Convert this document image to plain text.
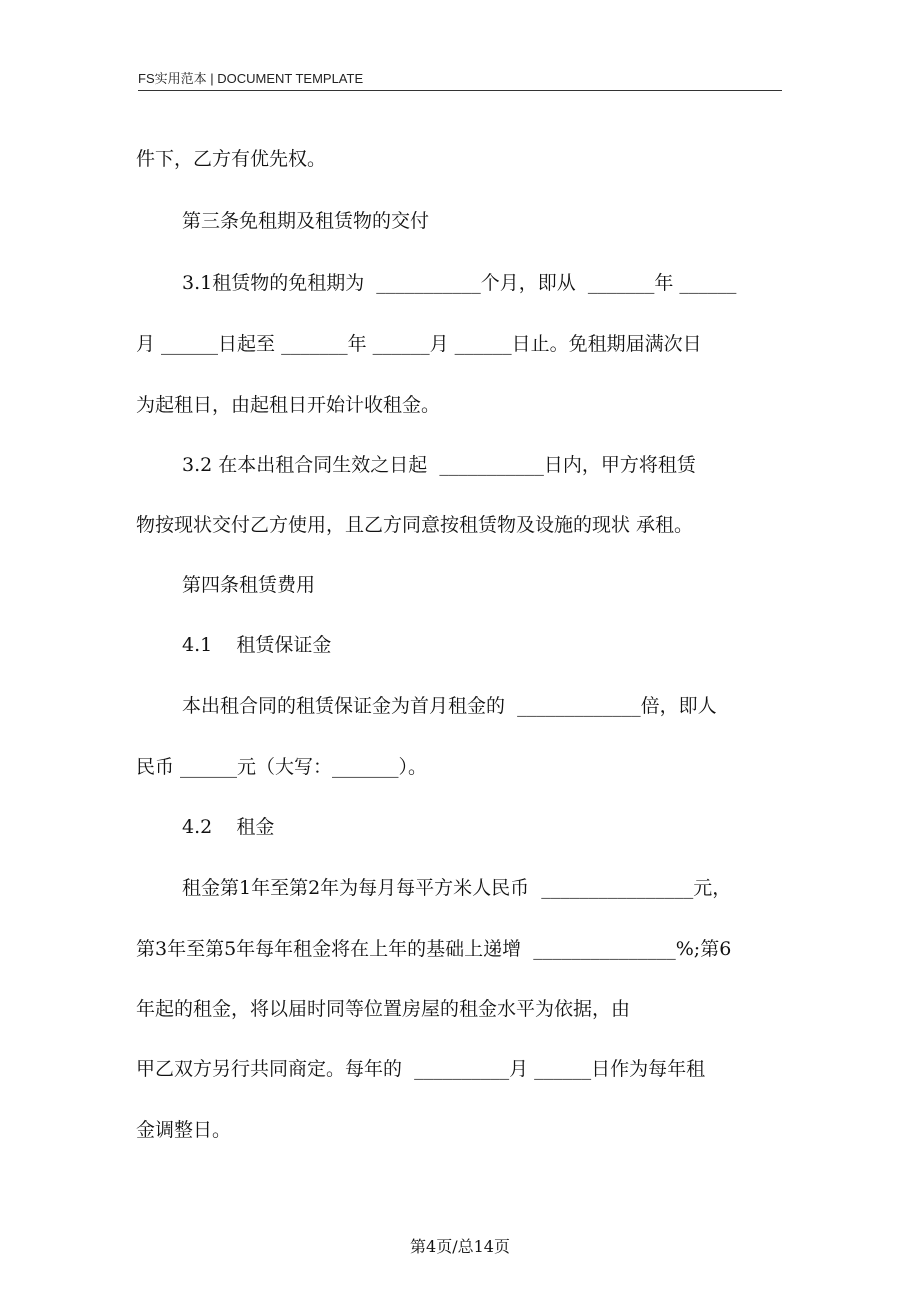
FS实用范本 | DOCUMENT TEMPLATE
件下，乙方有优先权。
第三条免租期及租赁物的交付
3.1租赁物的免租期为  ___________个月，即从  _______年 ______
月 ______日起至 _______年 ______月 ______日止。免租期届满次日
为起租日，由起租日开始计收租金。
3.2 在本出租合同生效之日起  ___________日内，甲方将租赁
物按现状交付乙方使用，且乙方同意按租赁物及设施的现状 承租。
第四条租赁费用
4.1    租赁保证金
本出租合同的租赁保证金为首月租金的  _____________倍，即人
民币 ______元（大写：_______）。
4.2    租金
租金第1年至第2年为每月每平方米人民币  ________________元，
第3年至第5年每年租金将在上年的基础上递增  _______________%;第6
年起的租金，将以届时同等位置房屋的租金水平为依据，由
甲乙双方另行共同商定。每年的  __________月 ______日作为每年租
金调整日。
第4页/总14页
